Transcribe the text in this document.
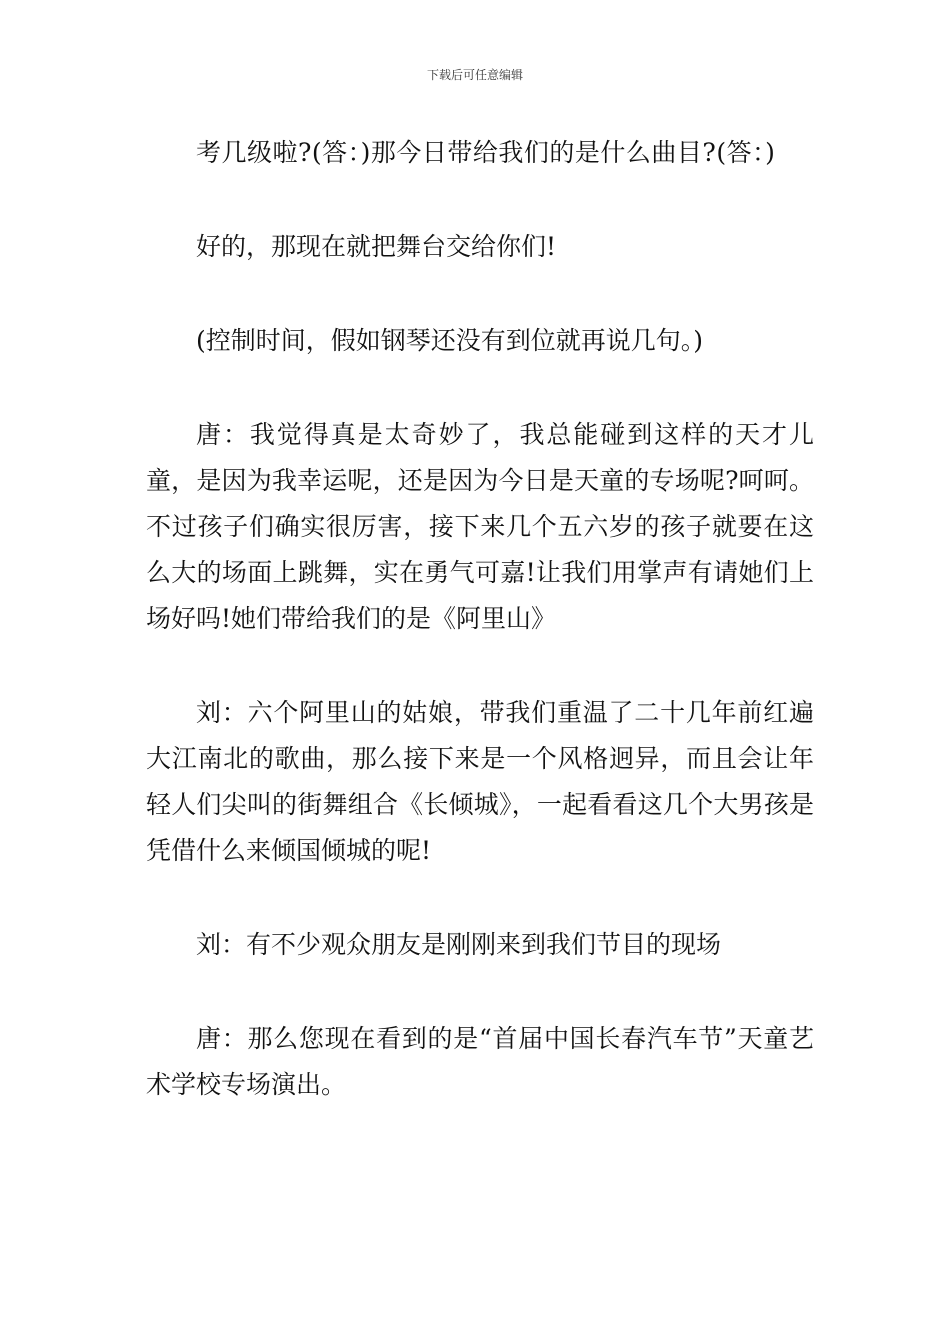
下载后可任意编辑

考几级啦?(答：)那今日带给我们的是什么曲目?(答：)

好的，那现在就把舞台交给你们!

(控制时间，假如钢琴还没有到位就再说几句。)

唐：我觉得真是太奇妙了，我总能碰到这样的天才儿童，是因为我幸运呢，还是因为今日是天童的专场呢?呵呵。不过孩子们确实很厉害，接下来几个五六岁的孩子就要在这么大的场面上跳舞，实在勇气可嘉!让我们用掌声有请她们上场好吗!她们带给我们的是《阿里山》

刘：六个阿里山的姑娘，带我们重温了二十几年前红遍大江南北的歌曲，那么接下来是一个风格迥异，而且会让年轻人们尖叫的街舞组合《长倾城》，一起看看这几个大男孩是凭借什么来倾国倾城的呢!

刘：有不少观众朋友是刚刚来到我们节目的现场

唐：那么您现在看到的是“首届中国长春汽车节”天童艺术学校专场演出。
